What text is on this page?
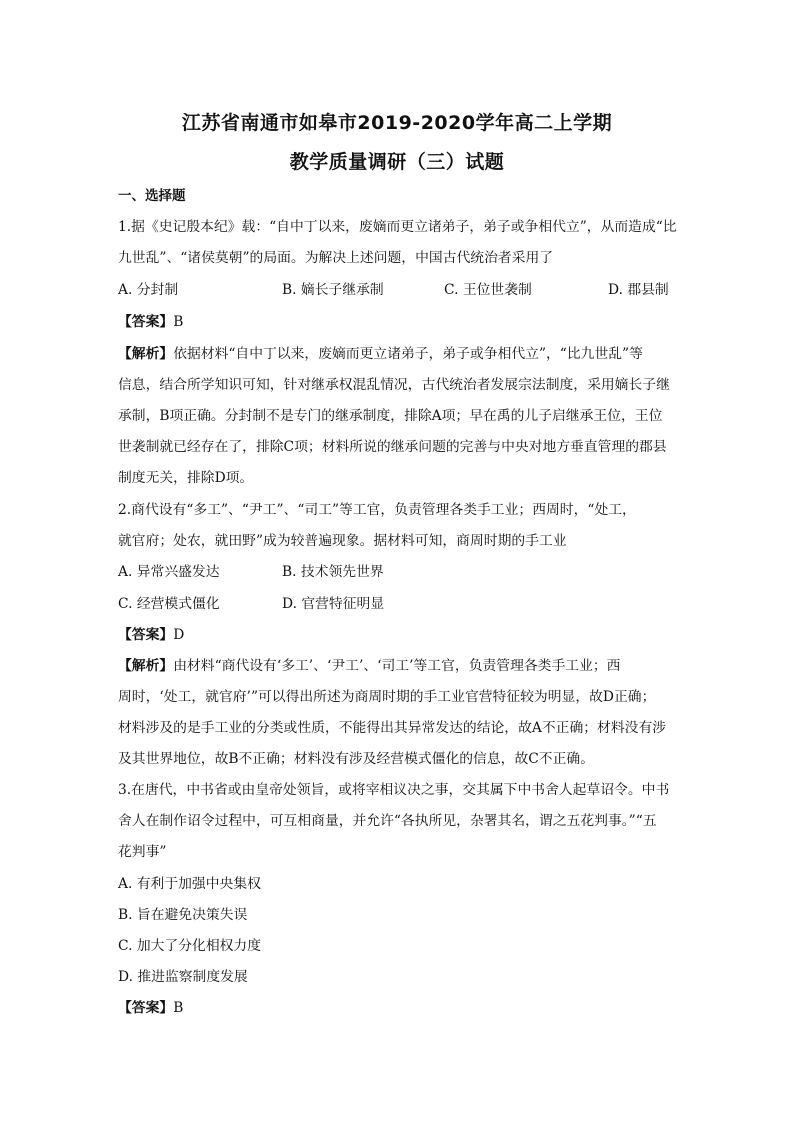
江苏省南通市如皋市2019-2020学年高二上学期
教学质量调研（三）试题
一、选择题
1.据《史记殷本纪》载：“自中丁以来，废嫡而更立诸弟子，弟子或争相代立”，从而造成“比
九世乱”、“诸侯莫朝”的局面。为解决上述问题，中国古代统治者采用了
A. 分封制	B. 嫡长子继承制	C. 王位世袭制	D. 郡县制
【答案】B
【解析】依据材料“自中丁以来，废嫡而更立诸弟子，弟子或争相代立”，“比九世乱”等
信息，结合所学知识可知，针对继承权混乱情况，古代统治者发展宗法制度，采用嫡长子继
承制，B项正确。分封制不是专门的继承制度，排除A项；早在禹的儿子启继承王位，王位
世袭制就已经存在了，排除C项；材料所说的继承问题的完善与中央对地方垂直管理的郡县
制度无关，排除D项。
2.商代设有“多工”、“尹工”、“司工”等工官，负责管理各类手工业；西周时，“处工，
就官府；处农，就田野”成为较普遍现象。据材料可知，商周时期的手工业
A. 异常兴盛发达	B. 技术领先世界
C. 经营模式僵化	D. 官营特征明显
【答案】D
【解析】由材料“商代设有‘多工’、‘尹工’、‘司工’等工官，负责管理各类手工业；西
周时，‘处工，就官府’”可以得出所述为商周时期的手工业官营特征较为明显，故D正确；
材料涉及的是手工业的分类或性质，不能得出其异常发达的结论，故A不正确；材料没有涉
及其世界地位，故B不正确；材料没有涉及经营模式僵化的信息，故C不正确。
3.在唐代，中书省或由皇帝处领旨，或将宰相议决之事，交其属下中书舍人起草诏令。中书
舍人在制作诏令过程中，可互相商量，并允许“各执所见，杂署其名，谓之五花判事。”“五
花判事”
A. 有利于加强中央集权
B. 旨在避免决策失误
C. 加大了分化相权力度
D. 推进监察制度发展
【答案】B
